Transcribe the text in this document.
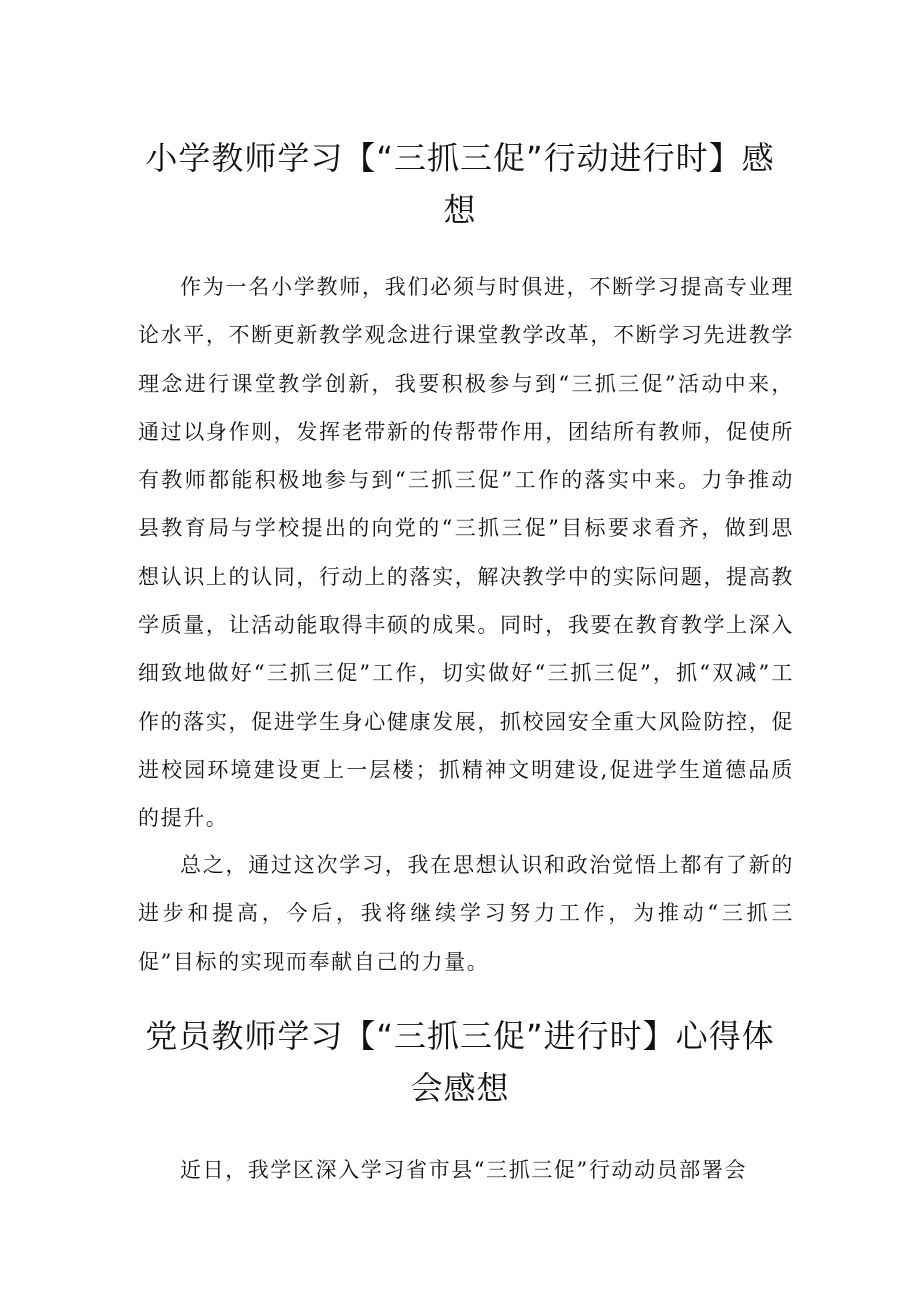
小学教师学习【“三抓三促”行动进行时】感想

作为一名小学教师，我们必须与时俱进，不断学习提高专业理论水平，不断更新教学观念进行课堂教学改革，不断学习先进教学理念进行课堂教学创新，我要积极参与到“三抓三促”活动中来，通过以身作则，发挥老带新的传帮带作用，团结所有教师，促使所有教师都能积极地参与到“三抓三促”工作的落实中来。力争推动县教育局与学校提出的向党的“三抓三促”目标要求看齐，做到思想认识上的认同，行动上的落实，解决教学中的实际问题，提高教学质量，让活动能取得丰硕的成果。同时，我要在教育教学上深入细致地做好“三抓三促”工作，切实做好“三抓三促”，抓“双减”工作的落实，促进学生身心健康发展，抓校园安全重大风险防控，促进校园环境建设更上一层楼；抓精神文明建设,促进学生道德品质的提升。

总之，通过这次学习，我在思想认识和政治觉悟上都有了新的进步和提高，今后，我将继续学习努力工作，为推动“三抓三促”目标的实现而奉献自己的力量。

党员教师学习【“三抓三促”进行时】心得体会感想

近日，我学区深入学习省市县“三抓三促”行动动员部署会
